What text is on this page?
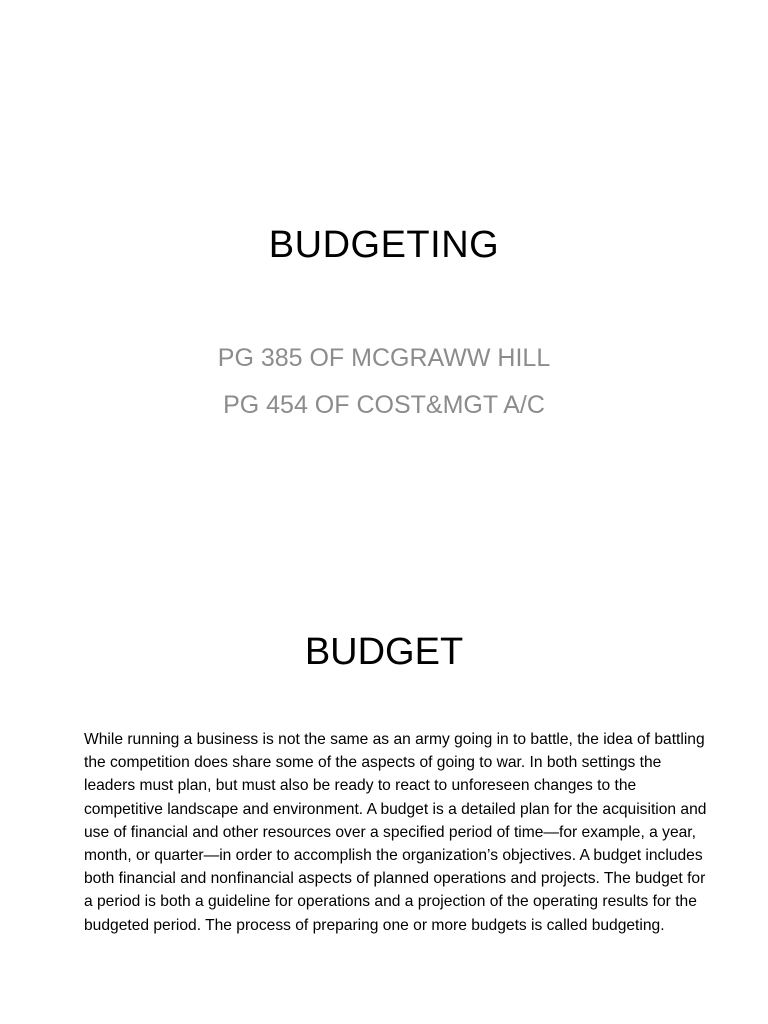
BUDGETING
PG 385 OF MCGRAWW HILL
PG 454 OF COST&MGT A/C
BUDGET
While running a business is not the same as an army going in to battle, the idea of battling the competition does share some of the aspects of going to war. In both settings the leaders must plan, but must also be ready to react to unforeseen changes to the competitive landscape and environment. A budget is a detailed plan for the acquisition and use of financial and other resources over a specified period of time—for example, a year, month, or quarter—in order to accomplish the organization’s objectives. A budget includes both financial and nonfinancial aspects of planned operations and projects. The budget for a period is both a guideline for operations and a projection of the operating results for the budgeted period. The process of preparing one or more budgets is called budgeting.
